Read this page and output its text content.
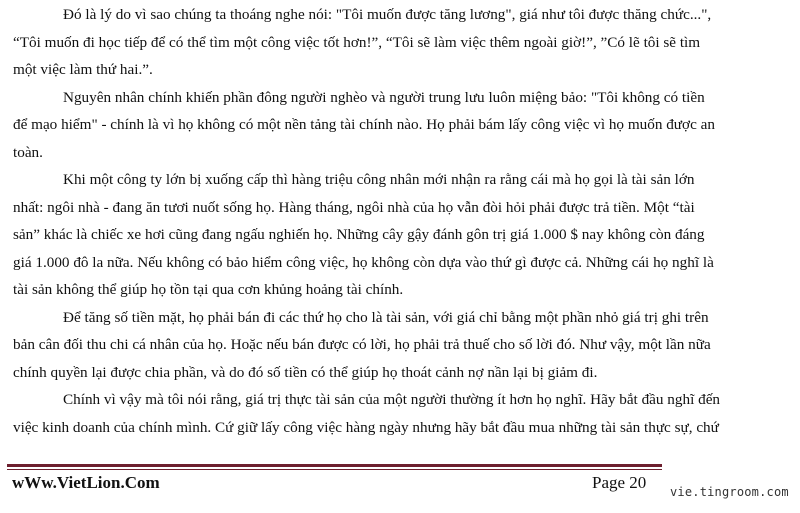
Đó là lý do vì sao chúng ta thoáng nghe nói: "Tôi muốn được tăng lương", giá như tôi được thăng chức...",
“Tôi muốn đi học tiếp để có thể tìm một công việc tốt hơn!”, “Tôi sẽ làm việc thêm ngoài giờ!”, ”Có lẽ tôi sẽ tìm
một việc làm thứ hai.”.

Nguyên nhân chính khiến phần đông người nghèo và người trung lưu luôn miệng bảo: "Tôi không có tiền
để mạo hiểm" - chính là vì họ không có một nền tảng tài chính nào. Họ phải bám lấy công việc vì họ muốn được an
toàn.

Khi một công ty lớn bị xuống cấp thì hàng triệu công nhân mới nhận ra rằng cái mà họ gọi là tài sản lớn
nhất: ngôi nhà - đang ăn tươi nuốt sống họ. Hàng tháng, ngôi nhà của họ vẫn đòi hỏi phải được trả tiền. Một “tài
sản” khác là chiếc xe hơi cũng đang ngấu nghiến họ. Những cây gậy đánh gôn trị giá 1.000 $ nay không còn đáng
giá 1.000 đô la nữa. Nếu không có bảo hiểm công việc, họ không còn dựa vào thứ gì được cả. Những cái họ nghĩ là
tài sản không thể giúp họ tồn tại qua cơn khủng hoảng tài chính.

Để tăng số tiền mặt, họ phải bán đi các thứ họ cho là tài sản, với giá chỉ bằng một phần nhỏ giá trị ghi trên
bản cân đối thu chi cá nhân của họ. Hoặc nếu bán được có lời, họ phải trả thuế cho số lời đó. Như vậy, một lần nữa
chính quyền lại được chia phần, và do đó số tiền có thể giúp họ thoát cảnh nợ nần lại bị giảm đi.

Chính vì vậy mà tôi nói rằng, giá trị thực tài sản của một người thường ít hơn họ nghĩ. Hãy bắt đầu nghĩ đến
việc kinh doanh của chính mình. Cứ giữ lấy công việc hàng ngày nhưng hãy bắt đầu mua những tài sản thực sự, chứ

wWw.VietLion.Com	Page 20 vie.tingroom.com
